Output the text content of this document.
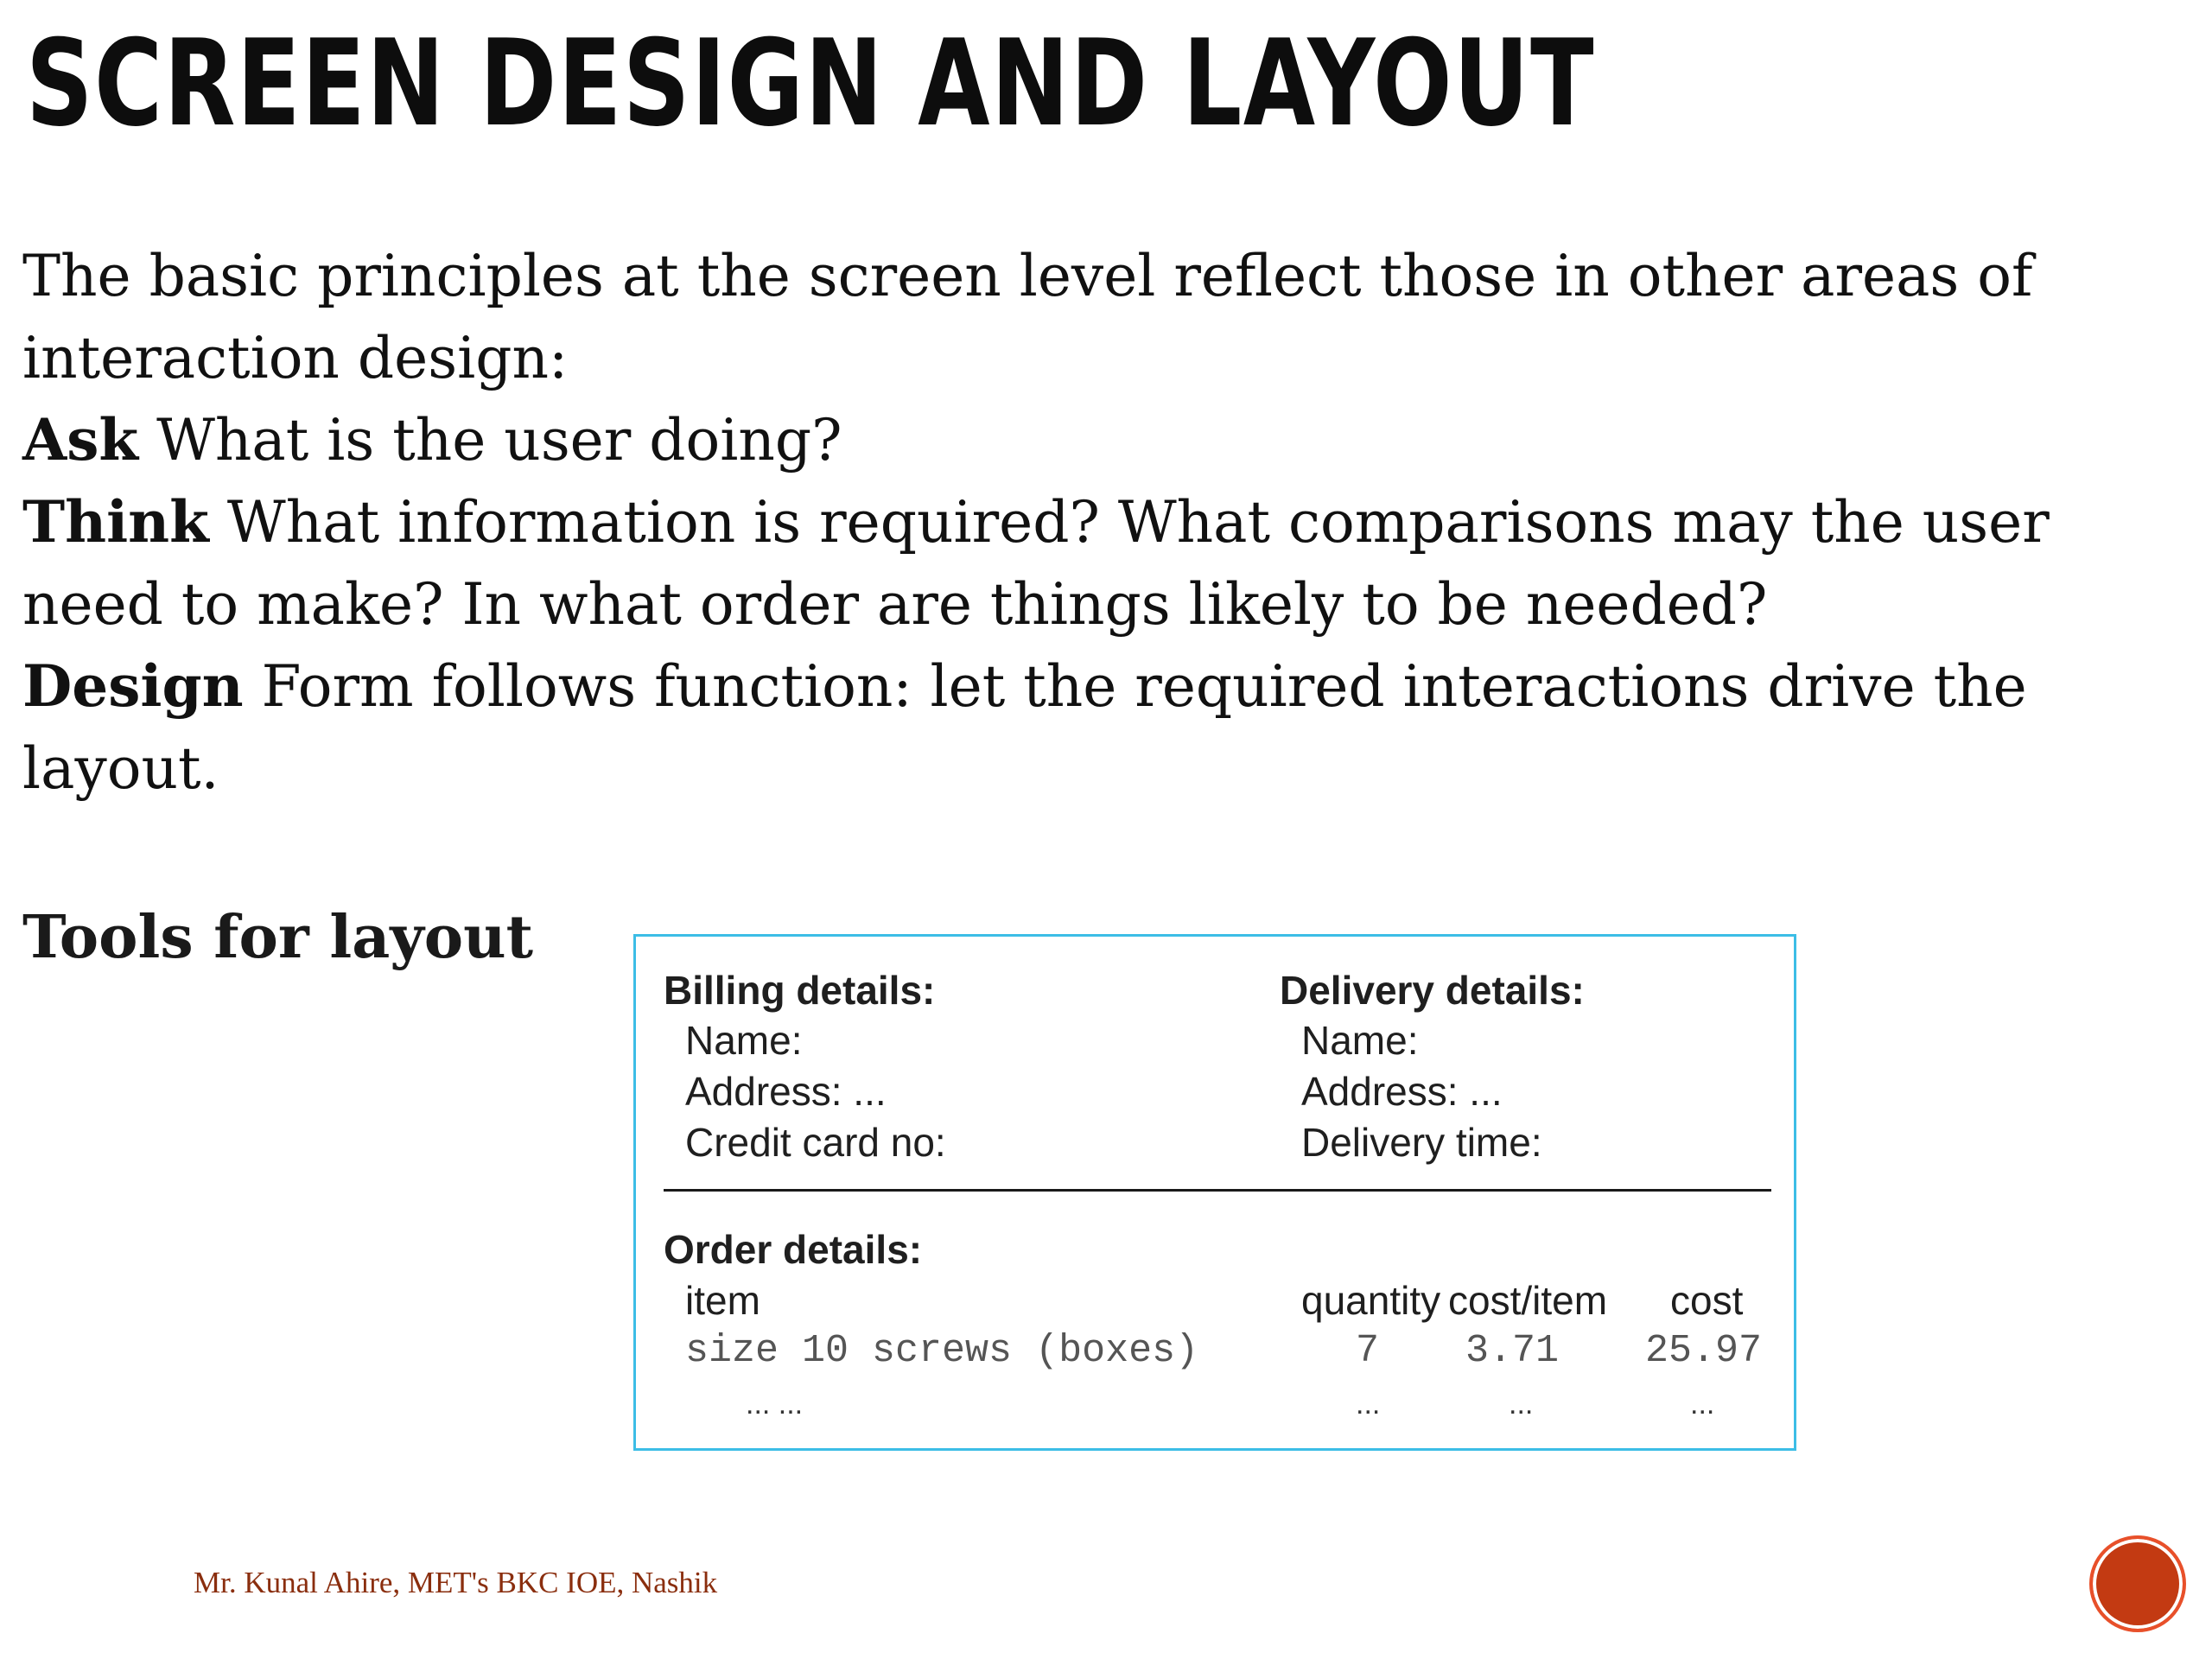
SCREEN DESIGN AND LAYOUT

The basic principles at the screen level reflect those in other areas of interaction design:

Ask What is the user doing?

Think What information is required? What comparisons may the user need to make? In what order are things likely to be needed?

Design Form follows function: let the required interactions drive the layout.

Tools for layout
Billing details:
Name:
Address: ...
Credit card no:
Delivery details:
Name:
Address: ...
Delivery time:
Order details:
item	quantity cost/item cost
size 10 screws (boxes)	7 3.71 25.97
... ...	...	...	...
Mr. Kunal Ahire, MET's BKC IOE, Nashik
